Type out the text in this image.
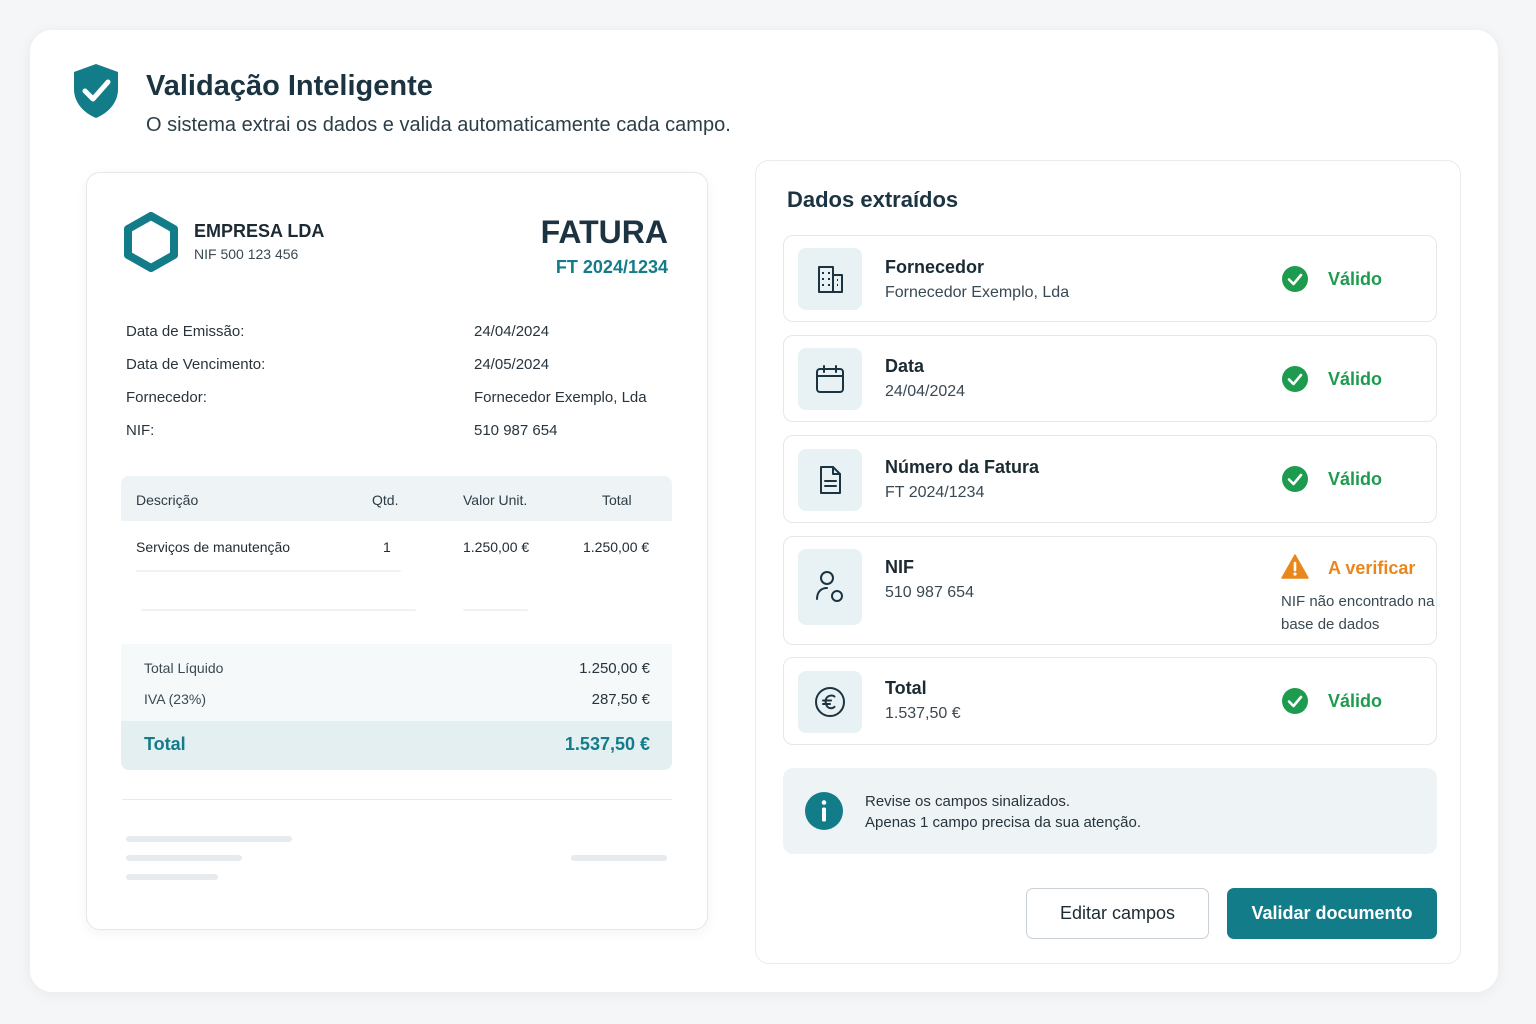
Validação Inteligente
O sistema extrai os dados e valida automaticamente cada campo.
EMPRESA LDA
NIF 500 123 456
FATURA
FT 2024/1234
Data de Emissão:	24/04/2024
Data de Vencimento:	24/05/2024
Fornecedor:	Fornecedor Exemplo, Lda
NIF:	510 987 654
Descrição	Qtd.	Valor Unit.	Total
Serviços de manutenção	1	1.250,00 €	1.250,00 €
Total Líquido	1.250,00 €
IVA (23%)	287,50 €
Total	1.537,50 €
Dados extraídos
Fornecedor
Fornecedor Exemplo, Lda
Válido
Data
24/04/2024
Válido
Número da Fatura
FT 2024/1234
Válido
NIF
510 987 654
A verificar
NIF não encontrado na base de dados
Total
1.537,50 €
Válido
Revise os campos sinalizados.
Apenas 1 campo precisa da sua atenção.
Editar campos	Validar documento
